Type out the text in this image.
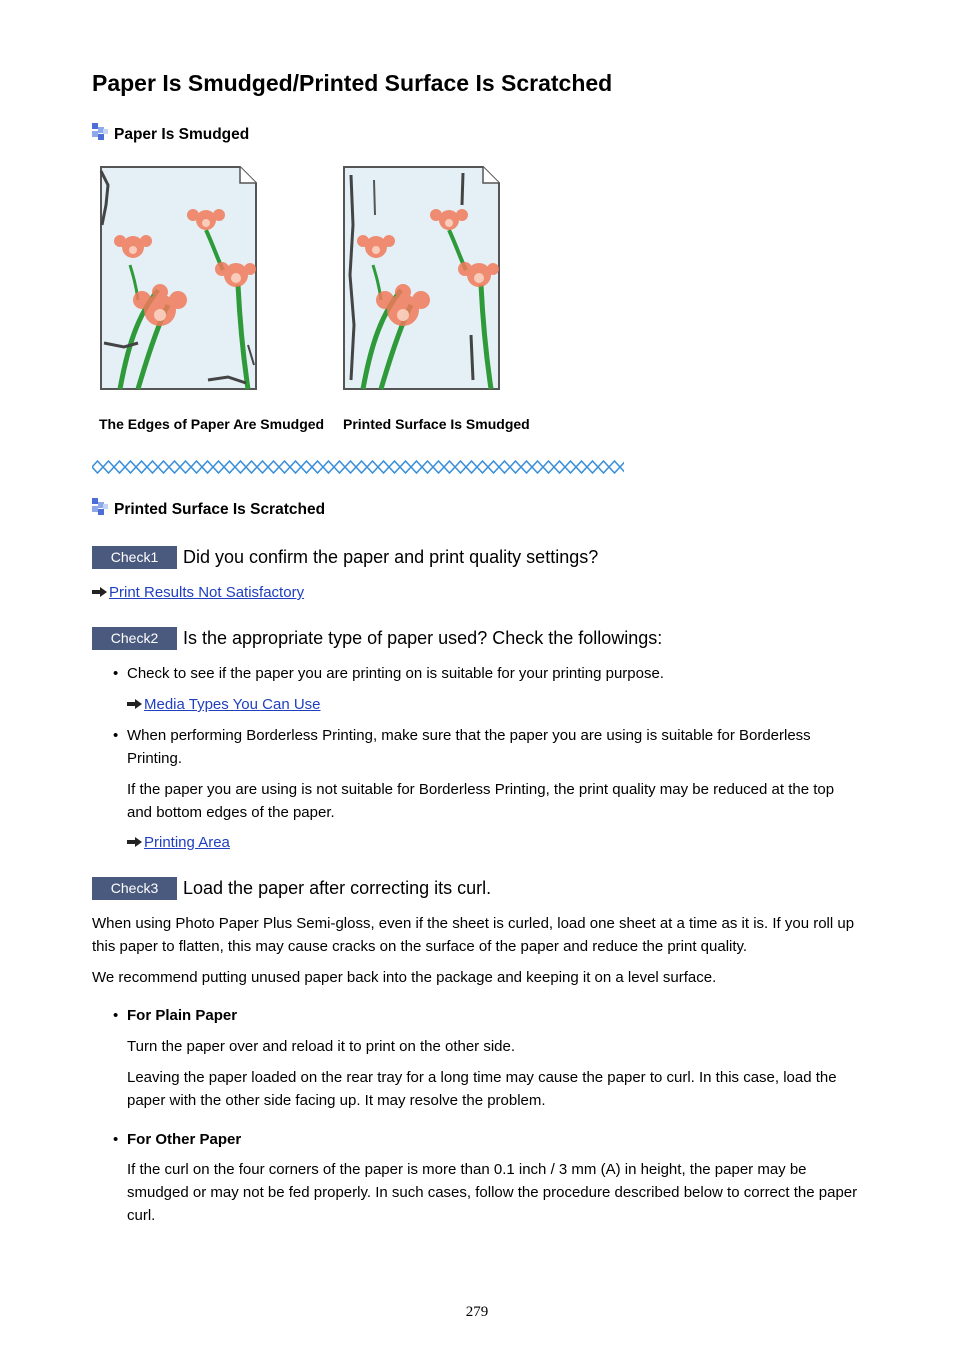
Paper Is Smudged/Printed Surface Is Scratched
Paper Is Smudged
The Edges of Paper Are Smudged Printed Surface Is Smudged
Printed Surface Is Scratched
Check1 Did you confirm the paper and print quality settings?
Print Results Not Satisfactory
Check2 Is the appropriate type of paper used? Check the followings:
• Check to see if the paper you are printing on is suitable for your printing purpose.
Media Types You Can Use
• When performing Borderless Printing, make sure that the paper you are using is suitable for Borderless Printing.
If the paper you are using is not suitable for Borderless Printing, the print quality may be reduced at the top and bottom edges of the paper.
Printing Area
Check3 Load the paper after correcting its curl.
When using Photo Paper Plus Semi-gloss, even if the sheet is curled, load one sheet at a time as it is. If you roll up this paper to flatten, this may cause cracks on the surface of the paper and reduce the print quality.
We recommend putting unused paper back into the package and keeping it on a level surface.
• For Plain Paper
Turn the paper over and reload it to print on the other side.
Leaving the paper loaded on the rear tray for a long time may cause the paper to curl. In this case, load the paper with the other side facing up. It may resolve the problem.
• For Other Paper
If the curl on the four corners of the paper is more than 0.1 inch / 3 mm (A) in height, the paper may be smudged or may not be fed properly. In such cases, follow the procedure described below to correct the paper curl.
279
